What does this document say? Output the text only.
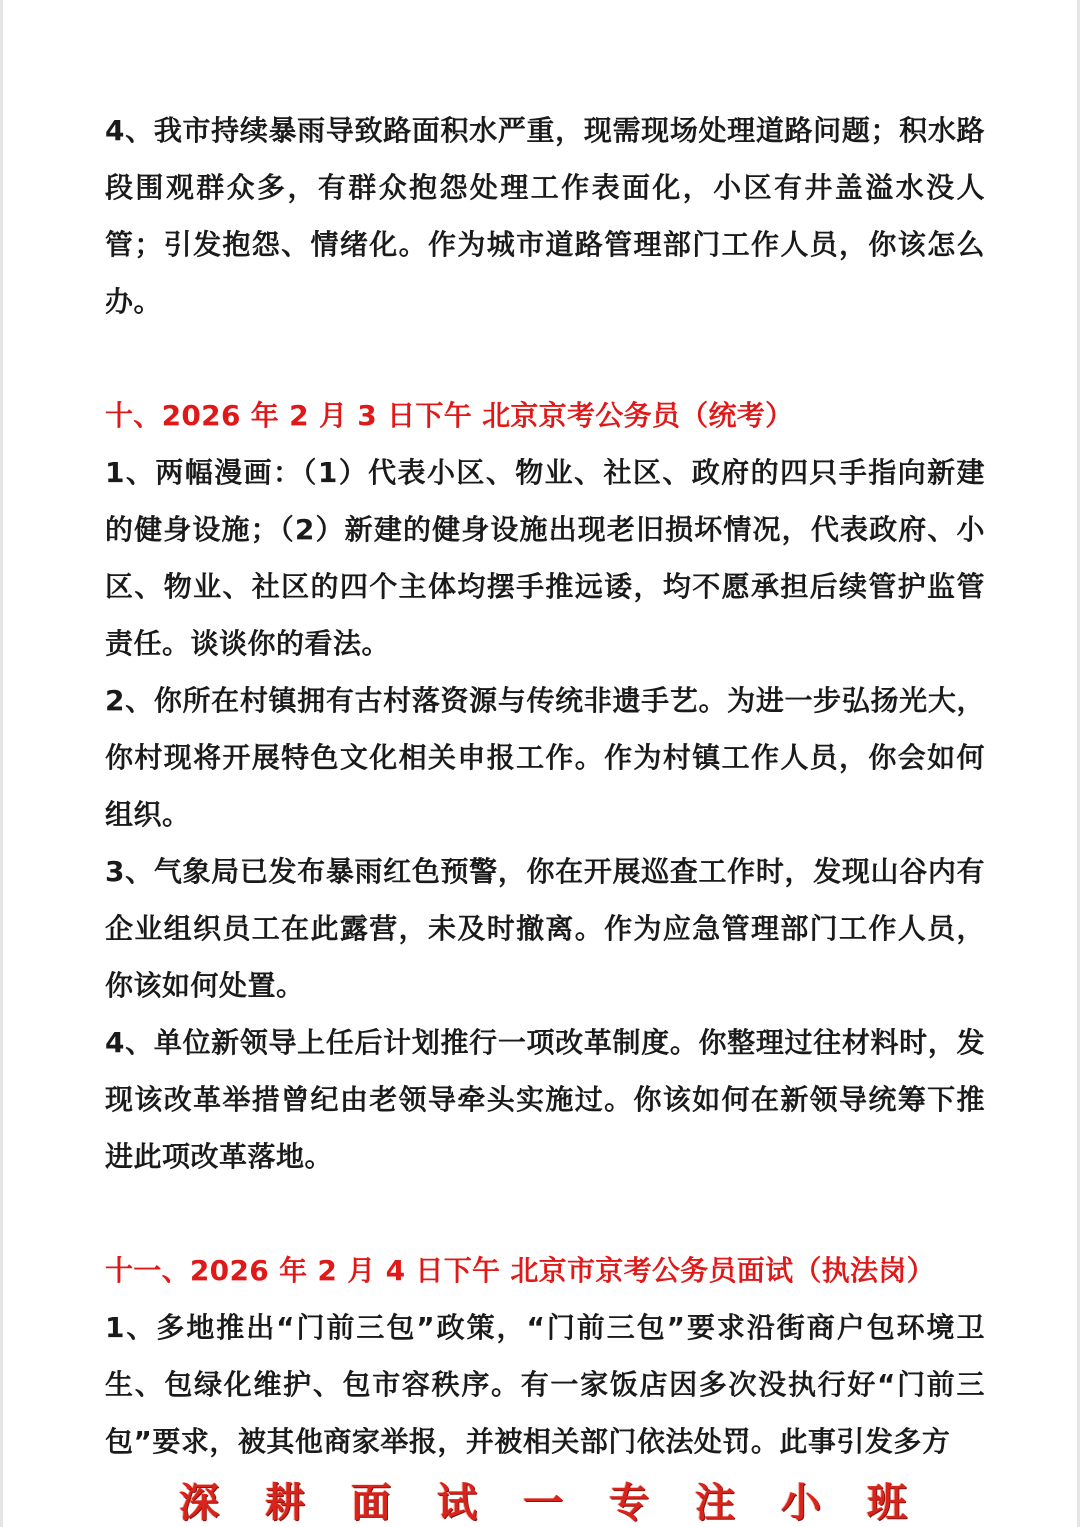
4、我市持续暴雨导致路面积水严重，现需现场处理道路问题；积水路段围观群众多，有群众抱怨处理工作表面化，小区有井盖溢水没人管；引发抱怨、情绪化。作为城市道路管理部门工作人员，你该怎么办。

十、2026 年 2 月 3 日下午 北京京考公务员（统考）

1、两幅漫画：（1）代表小区、物业、社区、政府的四只手指向新建的健身设施；（2）新建的健身设施出现老旧损坏情况，代表政府、小区、物业、社区的四个主体均摆手推远诿，均不愿承担后续管护监管责任。谈谈你的看法。

2、你所在村镇拥有古村落资源与传统非遗手艺。为进一步弘扬光大，你村现将开展特色文化相关申报工作。作为村镇工作人员，你会如何组织。

3、气象局已发布暴雨红色预警，你在开展巡查工作时，发现山谷内有企业组织员工在此露营，未及时撤离。作为应急管理部门工作人员，你该如何处置。

4、单位新领导上任后计划推行一项改革制度。你整理过往材料时，发现该改革举措曾纪由老领导牵头实施过。你该如何在新领导统筹下推进此项改革落地。

十一、2026 年 2 月 4 日下午 北京市京考公务员面试（执法岗）

1、多地推出“门前三包”政策，“门前三包”要求沿街商户包环境卫生、包绿化维护、包市容秩序。有一家饭店因多次没执行好“门前三包”要求，被其他商家举报，并被相关部门依法处罚。此事引发多方

深耕面试一专注小班
